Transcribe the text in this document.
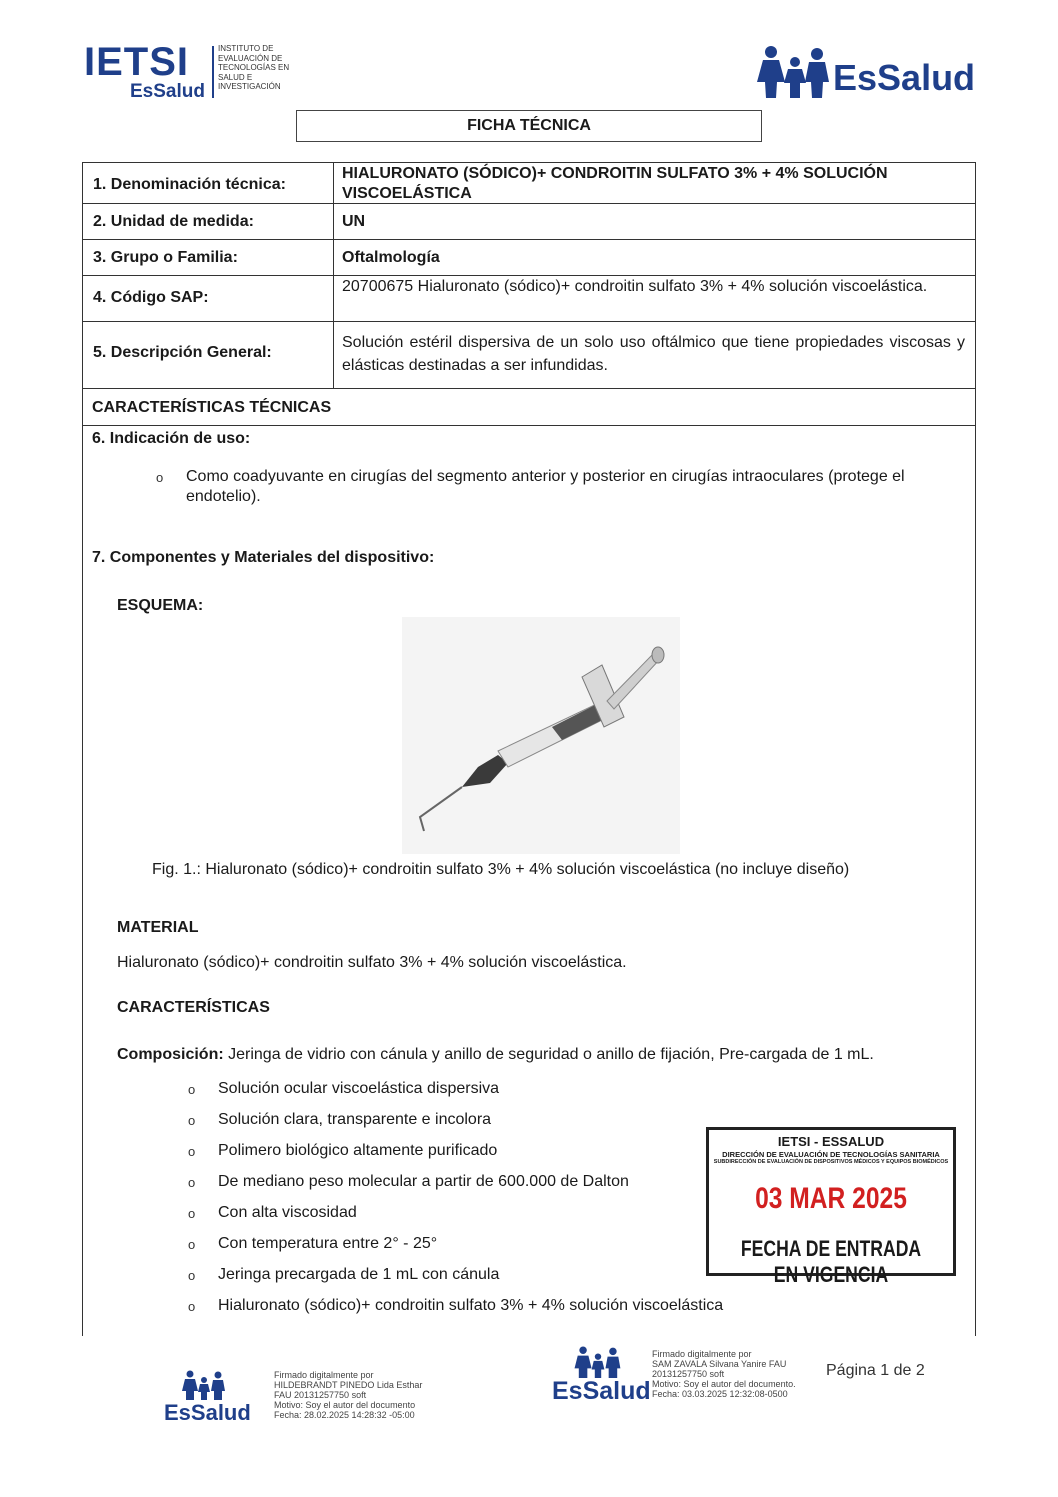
IETSI
EsSalud
INSTITUTO DE
EVALUACIÓN DE
TECNOLOGÍAS EN
SALUD E
INVESTIGACIÓN	EsSalud
FICHA TÉCNICA
1. Denominación técnica:
HIALURONATO (SÓDICO)+ CONDROITIN SULFATO 3% + 4% SOLUCIÓN VISCOELÁSTICA
2. Unidad de medida:	UN
3. Grupo o Familia:	Oftalmología
4. Código SAP:
20700675 Hialuronato (sódico)+ condroitin sulfato 3% + 4% solución viscoelástica.
5. Descripción General:
Solución estéril dispersiva de un solo uso oftálmico que tiene propiedades viscosas y elásticas destinadas a ser infundidas.
CARACTERÍSTICAS TÉCNICAS
6. Indicación de uso:
o Como coadyuvante en cirugías del segmento anterior y posterior en cirugías intraoculares (protege el endotelio).
7. Componentes y Materiales del dispositivo:
ESQUEMA:
Fig. 1.: Hialuronato (sódico)+ condroitin sulfato 3% + 4% solución viscoelástica (no incluye diseño)
MATERIAL
Hialuronato (sódico)+ condroitin sulfato 3% + 4% solución viscoelástica.
CARACTERÍSTICAS
Composición: Jeringa de vidrio con cánula y anillo de seguridad o anillo de fijación, Pre-cargada de 1 mL.
o Solución ocular viscoelástica dispersiva
o Solución clara, transparente e incolora
o Polimero biológico altamente purificado
o De mediano peso molecular a partir de 600.000 de Dalton
o Con alta viscosidad
o Con temperatura entre 2° - 25°
o Jeringa precargada de 1 mL con cánula
o Hialuronato (sódico)+ condroitin sulfato 3% + 4% solución viscoelástica
IETSI - ESSALUD
DIRECCIÓN DE EVALUACIÓN DE TECNOLOGÍAS SANITARIA
SUBDIRECCIÓN DE EVALUACIÓN DE DISPOSITIVOS MÉDICOS Y EQUIPOS BIOMÉDICOS
03 MAR 2025
FECHA DE ENTRADA EN VIGENCIA
EsSalud
Firmado digitalmente por
HILDEBRANDT PINEDO Lida Esthar
FAU 20131257750 soft
Motivo: Soy el autor del documento
Fecha: 28.02.2025 14:28:32 -05:00
EsSalud
Firmado digitalmente por
SAM ZAVALA Silvana Yanire FAU
20131257750 soft
Motivo: Soy el autor del documento.
Fecha: 03.03.2025 12:32:08-0500
Página 1 de 2
